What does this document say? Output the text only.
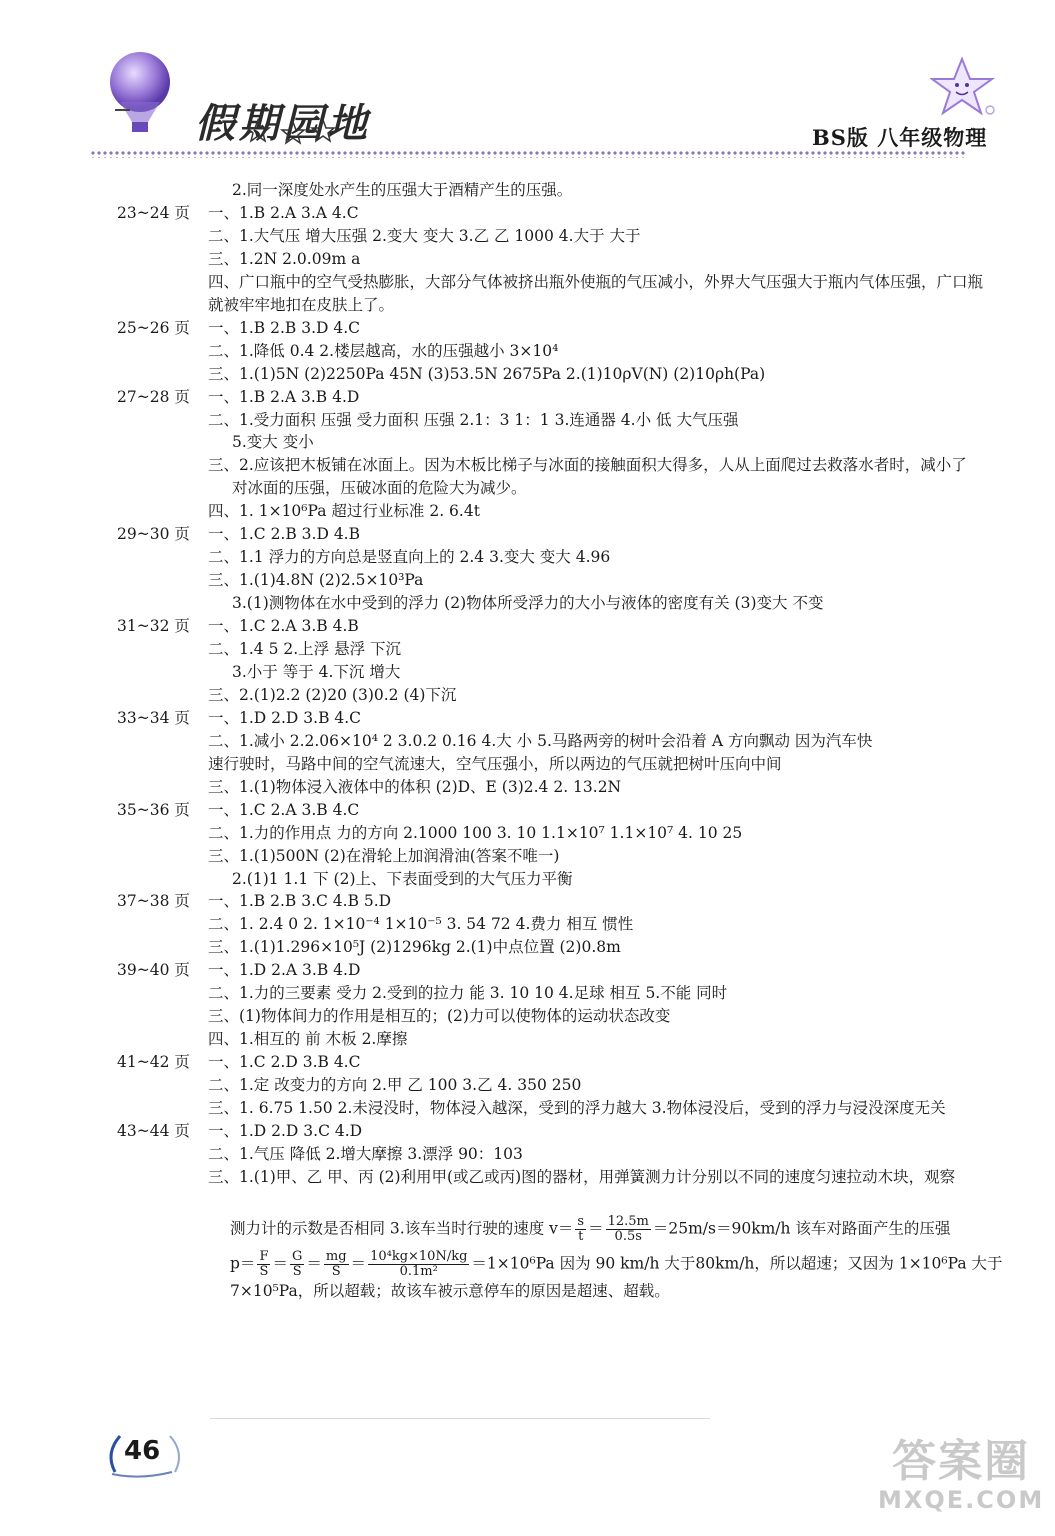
假期园地	BS版 八年级物理
2.同一深度处水产生的压强大于酒精产生的压强。
23~24 页 一、1.B 2.A 3.A 4.C
二、1.大气压 增大压强 2.变大 变大 3.乙 乙 1000 4.大于 大于
三、1.2N 2.0.09m a
四、广口瓶中的空气受热膨胀，大部分气体被挤出瓶外使瓶的气压减小，外界大气压强大于瓶内气体压强，广口瓶
就被牢牢地扣在皮肤上了。
25~26 页 一、1.B 2.B 3.D 4.C
二、1.降低 0.4 2.楼层越高，水的压强越小 3×10⁴
三、1.(1)5N (2)2250Pa 45N (3)53.5N 2675Pa 2.(1)10ρV(N) (2)10ρh(Pa)
27~28 页 一、1.B 2.A 3.B 4.D
二、1.受力面积 压强 受力面积 压强 2.1：3 1：1 3.连通器 4.小 低 大气压强
5.变大 变小
三、2.应该把木板铺在冰面上。因为木板比梯子与冰面的接触面积大得多，人从上面爬过去救落水者时，减小了
对冰面的压强，压破冰面的危险大为减少。
四、1. 1×10⁶Pa 超过行业标准 2. 6.4t
29~30 页 一、1.C 2.B 3.D 4.B
二、1.1 浮力的方向总是竖直向上的 2.4 3.变大 变大 4.96
三、1.(1)4.8N (2)2.5×10³Pa
3.(1)测物体在水中受到的浮力 (2)物体所受浮力的大小与液体的密度有关 (3)变大 不变
31~32 页 一、1.C 2.A 3.B 4.B
二、1.4 5 2.上浮 悬浮 下沉
3.小于 等于 4.下沉 增大
三、2.(1)2.2 (2)20 (3)0.2 (4)下沉
33~34 页 一、1.D 2.D 3.B 4.C
二、1.减小 2.2.06×10⁴ 2 3.0.2 0.16 4.大 小 5.马路两旁的树叶会沿着 A 方向飘动 因为汽车快
速行驶时，马路中间的空气流速大，空气压强小，所以两边的气压就把树叶压向中间
三、1.(1)物体浸入液体中的体积 (2)D、E (3)2.4 2. 13.2N
35~36 页 一、1.C 2.A 3.B 4.C
二、1.力的作用点 力的方向 2.1000 100 3. 10 1.1×10⁷ 1.1×10⁷ 4. 10 25
三、1.(1)500N (2)在滑轮上加润滑油(答案不唯一)
2.(1)1 1.1 下 (2)上、下表面受到的大气压力平衡
37~38 页 一、1.B 2.B 3.C 4.B 5.D
二、1. 2.4 0 2. 1×10⁻⁴ 1×10⁻⁵ 3. 54 72 4.费力 相互 惯性
三、1.(1)1.296×10⁵J (2)1296kg 2.(1)中点位置 (2)0.8m
39~40 页 一、1.D 2.A 3.B 4.D
二、1.力的三要素 受力 2.受到的拉力 能 3. 10 10 4.足球 相互 5.不能 同时
三、(1)物体间力的作用是相互的；(2)力可以使物体的运动状态改变
四、1.相互的 前 木板 2.摩擦
41~42 页 一、1.C 2.D 3.B 4.C
二、1.定 改变力的方向 2.甲 乙 100 3.乙 4. 350 250
三、1. 6.75 1.50 2.未浸没时，物体浸入越深，受到的浮力越大 3.物体浸没后，受到的浮力与浸没深度无关
43~44 页 一、1.D 2.D 3.C 4.D
二、1.气压 降低 2.增大摩擦 3.漂浮 90：103
三、1.(1)甲、乙 甲、丙 (2)利用甲(或乙或丙)图的器材，用弹簧测力计分别以不同的速度匀速拉动木块，观察
测力计的示数是否相同 3.该车当时行驶的速度 $v= \frac{s}{t} = \frac{12.5m}{0.5s} =25m/s=90km/h$ 该车对路面产生的压强
$p= \frac{F}{S} = \frac{G}{S} = \frac{mg}{S} = \frac{\text{10⁴kg×10N/kg}}{\text{0.1m²}} =1\times 10^6Pa$ 因为 90 km/h 大于80km/h，所以超速；又因为 1×10⁶Pa 大于
7×10⁵Pa，所以超载；故该车被示意停车的原因是超速、超载。
46	答案圈
MXQE.COM
